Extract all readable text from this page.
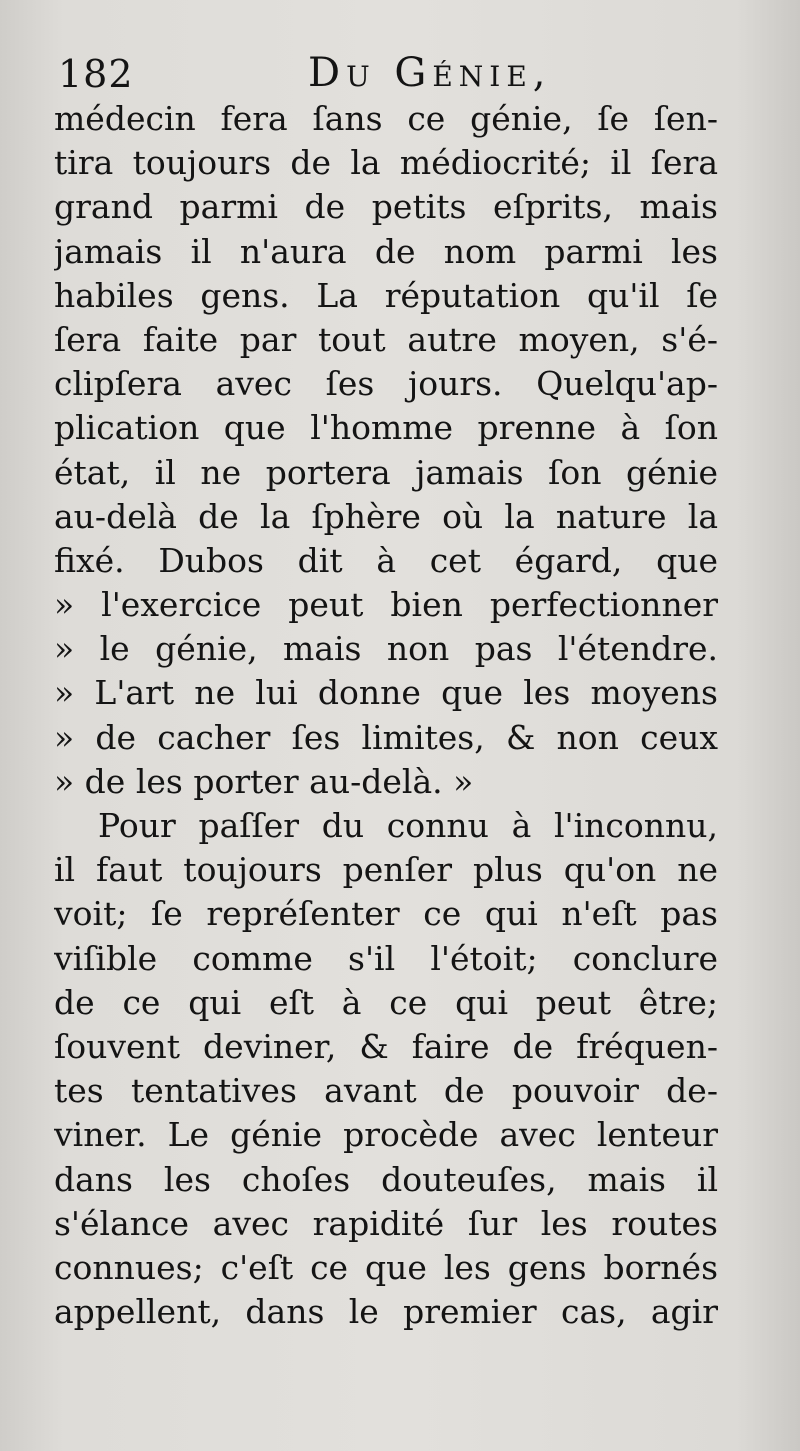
182	Du Génie,
médecin fera ſans ce génie, ſe ſen-
tira toujours de la médiocrité; il ſera
grand parmi de petits eſprits, mais
jamais il n'aura de nom parmi les
habiles gens. La réputation qu'il ſe
ſera faite par tout autre moyen, s'é-
clipſera avec ſes jours. Quelqu'ap-
plication que l'homme prenne à ſon
état, il ne portera jamais ſon génie
au-delà de la ſphère où la nature la
fixé. Dubos dit à cet égard, que
» l'exercice peut bien perfectionner
» le génie, mais non pas l'étendre.
» L'art ne lui donne que les moyens
» de cacher ſes limites, & non ceux
» de les porter au-delà. »
Pour paſſer du connu à l'inconnu,
il faut toujours penſer plus qu'on ne
voit; ſe repréſenter ce qui n'eſt pas
viſible comme s'il l'étoit; conclure
de ce qui eſt à ce qui peut être;
ſouvent deviner, & faire de fréquen-
tes tentatives avant de pouvoir de-
viner. Le génie procède avec lenteur
dans les choſes douteuſes, mais il
s'élance avec rapidité ſur les routes
connues; c'eſt ce que les gens bornés
appellent, dans le premier cas, agir
